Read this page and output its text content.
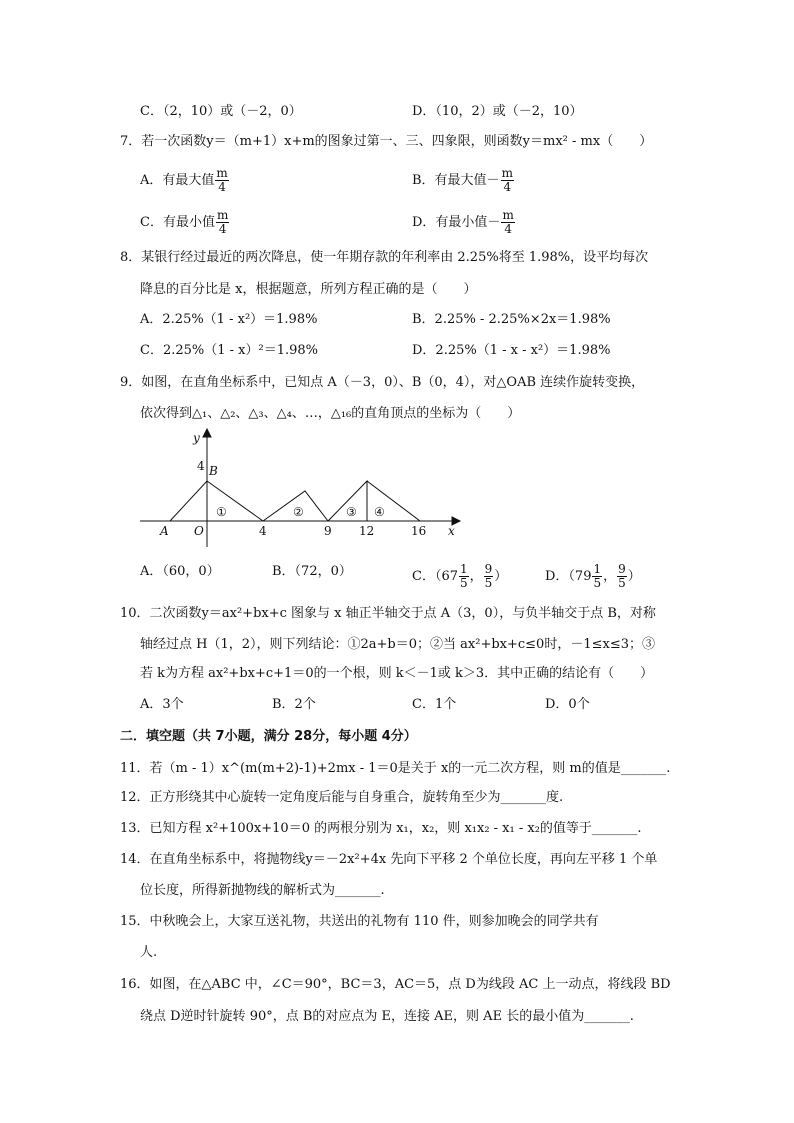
C．（2，10）或（－2，0）	D．（10，2）或（－2，10）
7．若一次函数y＝（m+1）x+m的图象过第一、三、四象限，则函数y＝mx² - mx（　　）
A．有最大值 $\frac{m}{4}$	B．有最大值－ $\frac{m}{4}$
C．有最小值 $\frac{m}{4}$	D．有最小值－ $\frac{m}{4}$
8．某银行经过最近的两次降息，使一年期存款的年利率由 2.25%将至 1.98%，设平均每次
降息的百分比是 x，根据题意，所列方程正确的是（　　）
A．2.25%（1 - x²）＝1.98%	B．2.25% - 2.25%×2x＝1.98%
C．2.25%（1 - x）²＝1.98%	D．2.25%（1 - x - x²）＝1.98%
9．如图，在直角坐标系中，已知点 A（－3，0）、B（0，4），对△OAB 连续作旋转变换，
依次得到△₁、△₂、△₃、△₄、…，△₁₆的直角顶点的坐标为（　　）
y
x
4 B
A O	4	9 12	16
①	②	③ ④
A．（60，0）	B．（72，0）	C．（$67 \frac{1}{5}$ ， $\frac{9}{5}$ ）	D．（$79 \frac{1}{5}$ ， $\frac{9}{5}$ ）
10．二次函数y＝ax²+bx+c 图象与 x 轴正半轴交于点 A（3，0），与负半轴交于点 B，对称
轴经过点 H（1，2），则下列结论：①2a+b＝0；②当 ax²+bx+c≤0时，－1≤x≤3；③
若 k为方程 ax²+bx+c+1＝0的一个根，则 k＜－1或 k＞3．其中正确的结论有（　　）
A．3个	B．2个	C．1个	D．0个
二．填空题（共 7小题，满分 28分，每小题 4分）
11．若（m - 1）x^(m(m+2)-1)+2mx - 1＝0是关于 x的一元二次方程，则 m的值是_______.
12．正方形绕其中心旋转一定角度后能与自身重合，旋转角至少为_______度.
13．已知方程 x²+100x+10＝0 的两根分别为 x₁，x₂，则 x₁x₂ - x₁ - x₂的值等于_______.
14．在直角坐标系中，将抛物线y＝－2x²+4x 先向下平移 2 个单位长度，再向左平移 1 个单
位长度，所得新抛物线的解析式为_______.
15．中秋晚会上，大家互送礼物，共送出的礼物有 110 件，则参加晚会的同学共有
人.
16．如图，在△ABC 中，∠C＝90°，BC＝3，AC＝5，点 D为线段 AC 上一动点，将线段 BD
绕点 D逆时针旋转 90°，点 B的对应点为 E，连接 AE，则 AE 长的最小值为_______.
